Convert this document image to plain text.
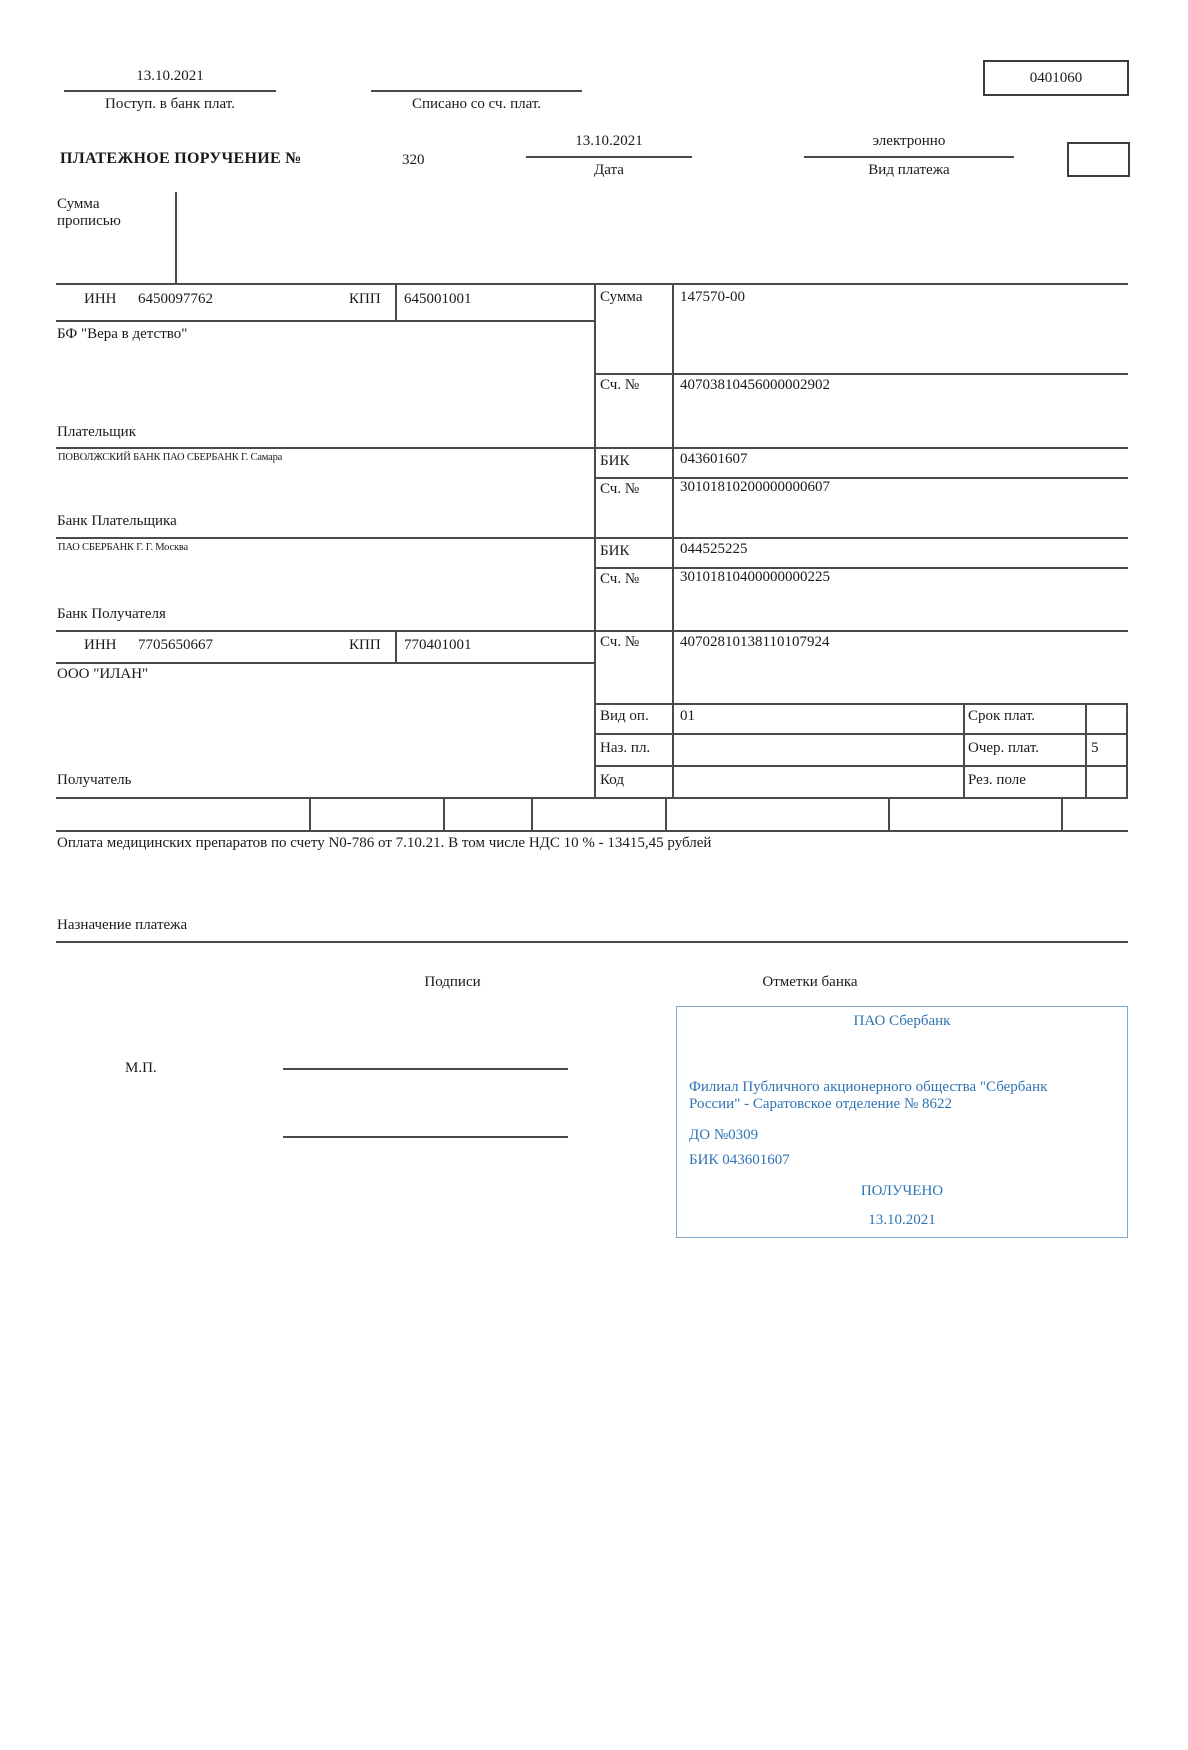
13.10.2021
Поступ. в банк плат.	Списано со сч. плат.
0401060
ПЛАТЕЖНОЕ ПОРУЧЕНИЕ №	320
13.10.2021
Дата
электронно
Вид платежа
Сумма прописью
ИНН 6450097762	КПП 645001001	Сумма	147570-00
БФ "Вера в детство"
Сч. №	40703810456000002902
Плательщик
ПОВОЛЖСКИЙ БАНК ПАО СБЕРБАНК Г. Самара	БИК	043601607
Сч. №	30101810200000000607
Банк Плательщика
ПАО СБЕРБАНК Г. Г. Москва	БИК	044525225
Сч. №	30101810400000000225
Банк Получателя
ИНН 7705650667	КПП 770401001	Сч. №	40702810138110107924
ООО "ИЛАН"
Получатель
Вид оп. 01
Наз. пл.
Код
Срок плат.
Очер. плат.	5
Рез. поле
Оплата медицинских препаратов по счету N0-786 от 7.10.21. В том числе НДС 10 % - 13415,45 рублей
Назначение платежа
Подписи	Отметки банка
М.П.
ПАО Сбербанк
Филиал Публичного акционерного общества "Сбербанк России" - Саратовское отделение № 8622
ДО №0309
БИК 043601607
ПОЛУЧЕНО
13.10.2021
